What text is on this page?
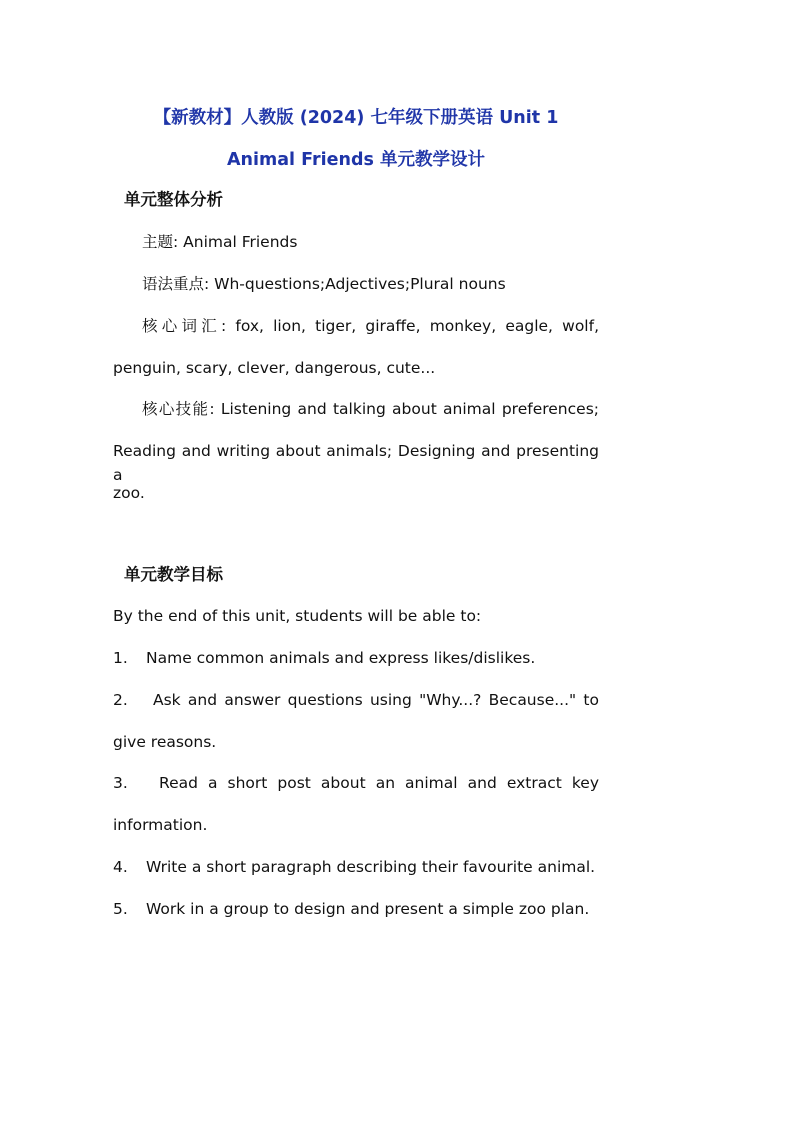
【新教材】人教版 (2024) 七年级下册英语 Unit 1
Animal Friends 单元教学设计
单元整体分析
主题: Animal Friends
语法重点: Wh-questions;Adjectives;Plural nouns
核心词汇: fox, lion, tiger, giraffe, monkey, eagle, wolf,
penguin, scary, clever, dangerous, cute...
核心技能: Listening and talking about animal preferences;
Reading and writing about animals; Designing and presenting a
zoo.
单元教学目标
By the end of this unit, students will be able to:
1. Name common animals and express likes/dislikes.
2.	Ask and answer questions using "Why...? Because..." to
give reasons.
3.	Read a short post about an animal and extract key
information.
4. Write a short paragraph describing their favourite animal.
5. Work in a group to design and present a simple zoo plan.
